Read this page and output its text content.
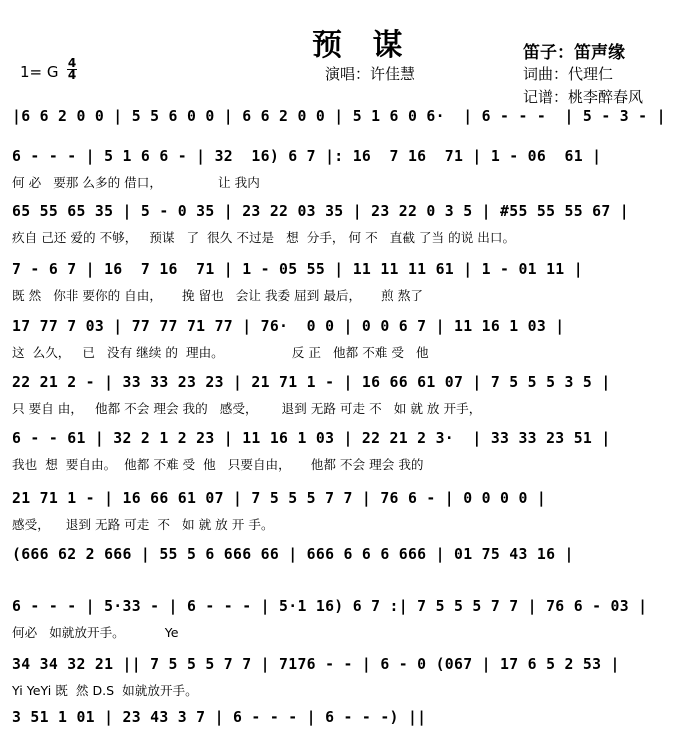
预 谋
1= G 4
4
笛子：笛声缘
演唱：许佳慧	词曲：代理仁
记谱：桃李醉春风
|6 6 2 0 0 | 5 5 6 0 0 | 6 6 2 0 0 | 5 1 6 0 6·  | 6 - - -  | 5 - 3 - |
6 - - - | 5 1 6 6 - | 32  16) 6 7 |: 16  7 16  71 | 1 - 06  61 |
何 必   要那 么多的 借口，              让 我内
65 55 65 35 | 5 - 0 35 | 23 22 03 35 | 23 22 0 3 5 | #55 55 55 67 |
疚自 己还 爱的 不够，   预谋   了  很久 不过是   想  分手， 何 不   直截 了当 的说 出口。
7 - 6 7 | 16  7 16  71 | 1 - 05 55 | 11 11 11 61 | 1 - 01 11 |
既 然   你非 要你的 自由，     挽 留也   会让 我委 屈到 最后，     煎 熬了
17 77 7 03 | 77 77 71 77 | 76·  0 0 | 0 0 6 7 | 11 16 1 03 |
这  么久，   已   没有 继续 的  理由。                 反 正   他都 不难 受   他
22 21 2 - | 33 33 23 23 | 21 71 1 - | 16 66 61 07 | 7 5 5 5 3 5 |
只 要自 由，   他都 不会 理会 我的   感受，      退到 无路 可走 不   如 就 放 开手，
6 - - 61 | 32 2 1 2 23 | 11 16 1 03 | 22 21 2 3·  | 33 33 23 51 |
我也  想  要自由。  他都 不难 受  他   只要自由，     他都 不会 理会 我的
21 71 1 - | 16 66 61 07 | 7 5 5 5 7 7 | 76 6 - | 0 0 0 0 |
感受，    退到 无路 可走  不   如 就 放 开 手。
(666 62 2 666 | 55 5 6 666 66 | 666 6 6 6 666 | 01 75 43 16 |
6 - - - | 5·33 - | 6 - - - | 5·1 16) 6 7 :| 7 5 5 5 7 7 | 76 6 - 03 |
何必   如就放开手。          Ye
34 34 32 21 || 7 5 5 5 7 7 | 7176 - - | 6 - 0 (067 | 17 6 5 2 53 |
Yi YeYi 既  然 D.S  如就放开手。
3 51 1 01 | 23 43 3 7 | 6 - - - | 6 - - -) ||
